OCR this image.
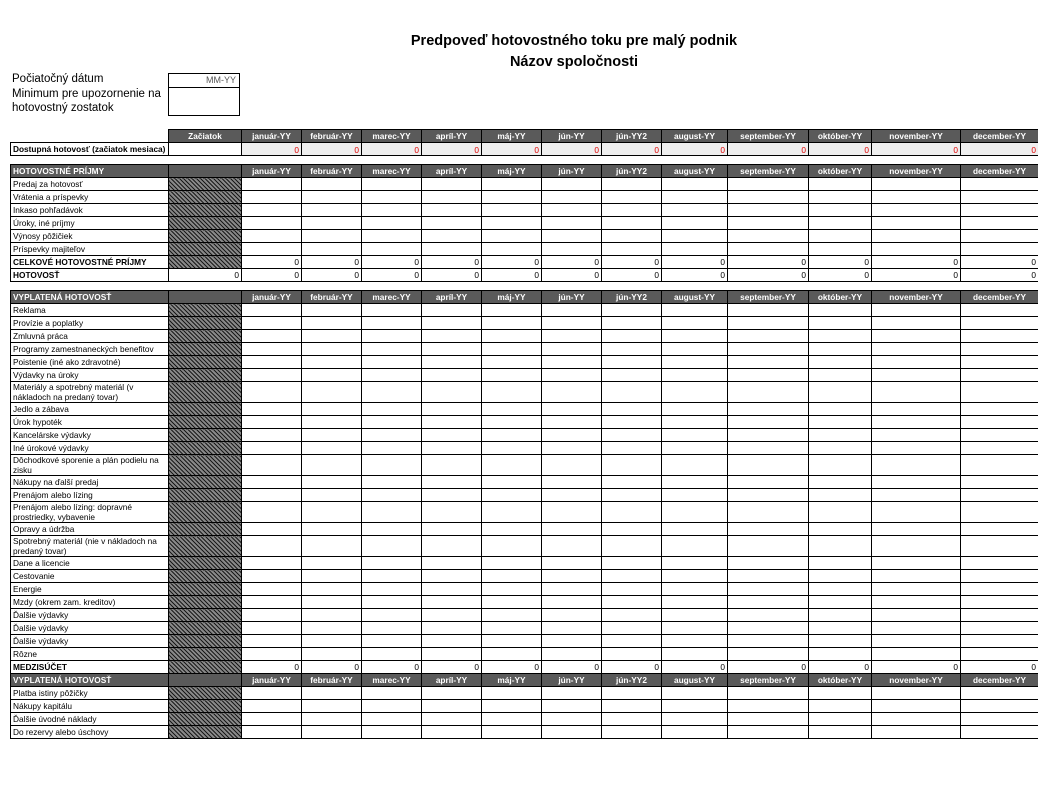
Predpoveď hotovostného toku pre malý podnik
Názov spoločnosti
Počiatočný dátum
Minimum pre upozornenie na hotovostný zostatok
MM-YY
	Začiatok	január-YY	február-YY	marec-YY	apríl-YY	máj-YY	jún-YY	jún-YY2	august-YY	september-YY	október-YY	november-YY	december-YY
Dostupná hotovosť (začiatok mesiaca)		0	0	0	0	0	0	0	0	0	0	0	0

HOTOVOSTNÉ PRÍJMY		január-YY	február-YY	marec-YY	apríl-YY	máj-YY	jún-YY	jún-YY2	august-YY	september-YY	október-YY	november-YY	december-YY
Predaj za hotovosť													
Vrátenia a príspevky													
Inkaso pohľadávok													
Úroky, iné príjmy													
Výnosy pôžičiek													
Príspevky majiteľov													
CELKOVÉ HOTOVOSTNÉ PRÍJMY		0	0	0	0	0	0	0	0	0	0	0	0
HOTOVOSŤ	0	0	0	0	0	0	0	0	0	0	0	0	0

VYPLATENÁ HOTOVOSŤ		január-YY	február-YY	marec-YY	apríl-YY	máj-YY	jún-YY	jún-YY2	august-YY	september-YY	október-YY	november-YY	december-YY
Reklama													
Provízie a poplatky													
Zmluvná práca													
Programy zamestnaneckých benefitov													
Poistenie (iné ako zdravotné)													
Výdavky na úroky													
Materiály a spotrebný materiál (v nákladoch na predaný tovar)													
Jedlo a zábava													
Úrok hypoték													
Kancelárske výdavky													
Iné úrokové výdavky													
Dôchodkové sporenie a plán podielu na zisku													
Nákupy na ďalší predaj													
Prenájom alebo lízing													
Prenájom alebo lízing: dopravné prostriedky, vybavenie													
Opravy a údržba													
Spotrebný materiál (nie v nákladoch na predaný tovar)													
Dane a licencie													
Cestovanie													
Energie													
Mzdy (okrem zam. kreditov)													
Ďalšie výdavky													
Ďalšie výdavky													
Ďalšie výdavky													
Rôzne													
MEDZISÚČET		0	0	0	0	0	0	0	0	0	0	0	0
VYPLATENÁ HOTOVOSŤ		január-YY	február-YY	marec-YY	apríl-YY	máj-YY	jún-YY	jún-YY2	august-YY	september-YY	október-YY	november-YY	december-YY
Platba istiny pôžičky													
Nákupy kapitálu													
Ďalšie úvodné náklady													
Do rezervy alebo úschovy													
